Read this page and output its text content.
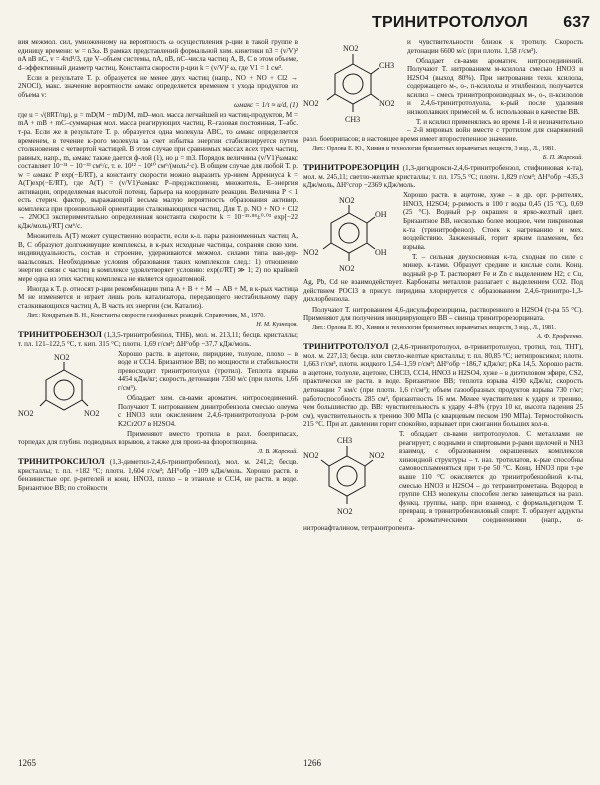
ТРИНИТРОТОЛУОЛ 637

вия межмол. сил, умноженному на вероятность ω осуществления р-ции в такой группе в единицу времени: w = n3ω. В рамках представлений формальной хим. кинетики n3 = (v/V)² nA nB nC, v = 4πd³/3, где V–объем системы, nA, nB, nC–числа частиц A, B, C в этом объеме, d–эффективный диаметр частиц. Константа скорости р-ции k = (v/V)² ω, где V1 = 1 см³.

Если в результате Т. р. образуется не менее двух частиц (напр., NO + NO + Cl2 → 2NOCl), макс. значение вероятности ωмакс определяется временем τ ухода продуктов из объема v:

ωмакс = 1/τ ≈ u/d, (1)

где u = √(8RT/πμ), μ = mD(M − mD)/M, mD–мол. масса легчайшей из частиц-продуктов, M = mA + mB + mC–суммарная мол. масса реагирующих частиц, R–газовая постоянная, T–абс. т-ра. Если же в результате Т. р. образуется одна молекула ABC, то ωмакс определяется временем, в течение к-рого молекула за счет избытка энергии стабилизируется путем столкновения с четвертой частицей. В этом случае при сравнимых массах всех трех частиц, равных, напр., m, ωмакс также дается ф-лой (1), но μ = m3. Порядок величины (v/V1)²ωмакс составляет 10⁻³¹ − 10⁻³³ см⁶/с, т. е. 10¹² − 10¹⁰ см⁶/(моль²·с). В общем случае для любой Т. р. w = ωмакс P exp(−E/RT), а константу скорости можно выразить ур-нием Аррениуса k = A(T)exp(−E/RT), где A(T) = (v/V1)²ωмакс P–предэкспоненц. множитель, E–энергия активации, определяемая высотой потенц. барьера на координате реакции. Величина P < 1 есть стерич. фактор, выражающий весьма малую вероятность образования активир. комплекса при произвольной ориентации сталкивающихся частиц. Для Т. р. NO + NO + Cl2 → 2NOCl экспериментально определенная константа скорости k = 10⁻³⁵·⁸⁸±⁰·⁰³ exp[−22 кДж/моль)/RT] см⁶/с.

Множитель A(T) может существенно возрасти, если к-л. пары разноименных частиц A, B, C образуют долгоживущие комплексы, в к-рых исходные частицы, сохраняя свою хим. индивидуальность, состав и строение, удерживаются межмол. силами типа ван-дер-ваальсовых. Необходимые условия образования таких комплексов след.: 1) отношение энергии связи с частиц в комплексе удовлетворяет условию: exp(ε/RT) ≫ 1; 2) по крайней мере одна из этих частиц комплекса не является одноатомной.

Иногда к Т. р. относят р-ции рекомбинации типа A + B + + M → AB + M, в к-рых частица M не изменяется и играет лишь роль катализатора, передающего нестабильному пару сталкивающихся частиц A, B часть их энергии (см. Катализ).

Лит.: Кондратьев В. Н., Константы скорости газофазных реакций. Справочник, М., 1970.

Н. М. Кузнецов.

ТРИНИТРОБЕНЗОЛ (1,3,5-тринитробензол, ТНБ), мол. м. 213,11; бесцв. кристаллы; т. пл. 121–122,5 °С, т. кип. 315 °С; плотн. 1,69 г/см³; ΔH°обр −37,7 кДж/моль.

NO2
NO2
NO2
Хорошо раств. в ацетоне, пиридине, толуоле, плохо – в воде и CCl4. Бризантное ВВ; по мощности и стабильности превосходит тринитротолуол (тротил). Теплота взрыва 4454 кДж/кг; скорость детонации 7350 м/с (при плотн. 1,66 г/см³).

Обладает хим. св-вами ароматич. нитросоединений. Получают Т. нитрованием динитробензола смесью олеума с HNO3 или окислением 2,4,6-тринитротолуола р-ром K2Cr2O7 в H2SO4.

Применяют вместо тротила в разл. боеприпасах, торпедах для глубин. подводных взрывов, а также для произ-ва флороглюцина.

Л. В. Жарский.

ТРИНИТРОКСИЛОЛ (1,3-диметил-2,4,6-тринитробензол), мол. м. 241,2; бесцв. кристаллы; т. пл. +182 °С; плотн. 1,604 г/см³; ΔH°обр −109 кДж/моль. Хорошо раств. в бензинистые орг. р-рителей и конц. HNO3, плохо – в этаноле и CCl4, не раств. в воде. Бризантное ВВ; по стойкости

NO2
CH3
NO2
CH3
NO2
и чувствительности близок к тротилу. Скорость детонации 6600 м/с (при плотн. 1,58 г/см³).

Обладает св-вами ароматич. нитросоединений. Получают Т. нитрованием м-ксилола смесью HNO3 и H2SO4 (выход 80%). При нитровании техн. ксилола, содержащего м-, о-, п-ксилолы и этилбензол, получается ксилил – смесь тринитропроизводных м-, о-, п-ксилолов и 2,4,6-тринитротолуола, к-рый после удаления низкоплавких примесей м. б. использован в качестве ВВ.

Т. и ксилил применялись во время 1-й и незначительно – 2-й мировых войн вместе с тротилом для снаряжений разл. боеприпасов; в настоящее время имеет второстепенное значение.

Лит.: Орлова Е. Ю., Химия и технология бризантных взрывчатых веществ, 3 изд., Л., 1981.

Б. П. Жарский.

ТРИНИТРОРЕЗОРЦИН (1,3-дигидрокси-2,4,6-тринитробензол, стифниновая к-та), мол. м. 245,11; светло-желтые кристаллы; т. пл. 175,5 °С; плотн. 1,829 г/см³; ΔH°обр −435,3 кДж/моль, ΔH°сгор −2369 кДж/моль.

NO2
OH
OH
NO2
NO2
Хорошо раств. в ацетоне, хуже – в др. орг. р-рителях, HNO3, H2SO4; р-римость в 100 г воды 0,45 (15 °С), 0,69 (25 °С). Водный р-р окрашен в ярко-желтый цвет. Бризантное ВВ, несколько более мощное, чем пикриновая к-та (тринитрофенол). Стоек к нагреванию и мех. воздействию. Зажженный, горит ярким пламенем, без взрыва.

Т. – сильная двухосновная к-та, сходная по силе с минер. к-тами. Образует средние и кислые соли. Конц. водный р-р Т. растворяет Fe и Zn с выделением H2; с Cu, Ag, Pb, Cd не взаимодействует. Карбонаты металлов разлагает с выделением CO2. Под действием POCl3 в присут. пиридина хлорируется с образованием 2,4,6-тринитро-1,3-дихлорбензола.

Получают Т. нитрованием 4,6-дисульфорезорцина, растворенного в H2SO4 (т-ра 55 °С). Применяют для получения инициирующего ВВ – свинца тринитрорезорцината.

Лит.: Орлова Е. Ю., Химия и технология бризантных взрывчатых веществ, 3 изд., Л., 1981.

А. Ф. Ерофеенко.

ТРИНИТРОТОЛУОЛ (2,4,6-тринитротолуол, α-тринитротолуол, тротил, тол, ТНТ), мол. м. 227,13; бесцв. или светло-желтые кристаллы; т. пл. 80,85 °С; нетипроксикол; плотн. 1,663 г/см³, плотн. жидкого 1,54–1,59 г/см³; ΔH°обр −186,7 кДж/кг; pKa 14,5. Хорошо раств. в ацетоне, толуоле, ацетоне, CHCl3, CCl4, HNO3 и H2SO4, хуже – в диэтиловом эфире, CS2, практически не раств. в воде. Бризантное ВВ; теплота взрыва 4190 кДж/кг, скорость детонации 7 км/с (при плотн. 1,6 г/см³); объем газообразных продуктов взрыва 730 г/кг; работоспособность 285 см³, бризантность 16 мм. Менее чувствителен к удару и трению, чем большинство др. ВВ: чувствительность к удару 4–8% (груз 10 кг, высота падения 25 см), чувствительность к трению 300 МПа (с кварцевым песком 190 МПа). Термостойкость 215 °С. При ат. давлении горит спокойно, взрывает при сжигании больших кол-в.

CH3
NO2
NO2
NO2
Т. обладает св-вами нитротолуолов. С металлами не реагирует; с водными и спиртовыми р-рами щелочей и NH3 взаимод. с образованием окрашенных комплексов хиноидной структуры – т. наз. тротилатов, к-рые способны самовоспламеняться при т-ре 50 °С. Конц. HNO3 при т-ре выше 110 °С окисляется до тринитробензойной к-ты, смесью HNO3 и H2SO4 – до тетранитрометана. Водород в группе CH3 молекулы способен легко замещаться на разл. функц. группы, напр. при взаимод. с формальдегидом Т. превращ. в тринитробензиловый спирт. Т. образует аддукты с ароматическими соединениями (напр., α-нитронафталином, тетранитропента-

1265	1266
